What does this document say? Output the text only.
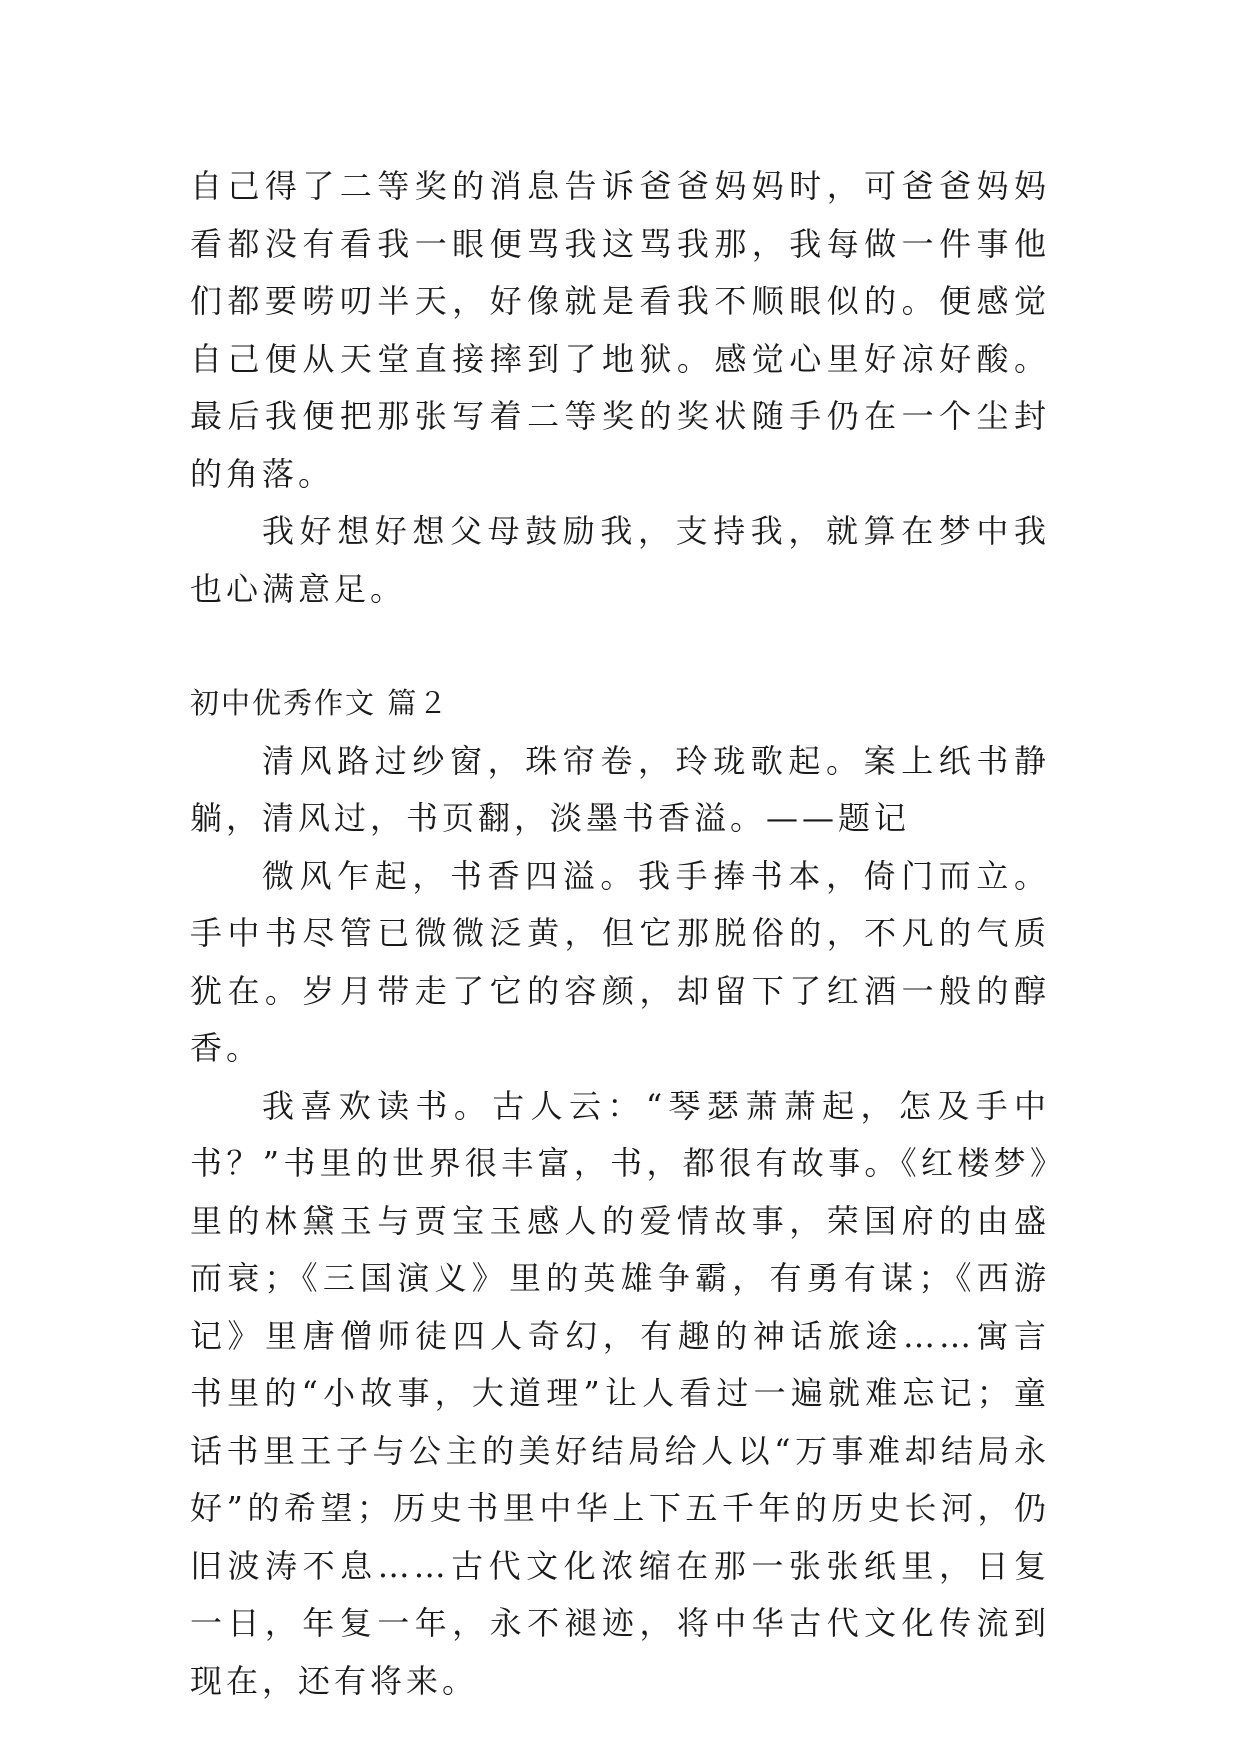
自己得了二等奖的消息告诉爸爸妈妈时，可爸爸妈妈看都没有看我一眼便骂我这骂我那，我每做一件事他们都要唠叨半天，好像就是看我不顺眼似的。便感觉自己便从天堂直接摔到了地狱。感觉心里好凉好酸。最后我便把那张写着二等奖的奖状随手仍在一个尘封的角落。

我好想好想父母鼓励我，支持我，就算在梦中我也心满意足。

初中优秀作文 篇２

清风路过纱窗，珠帘卷，玲珑歌起。案上纸书静躺，清风过，书页翻，淡墨书香溢。——题记

微风乍起，书香四溢。我手捧书本，倚门而立。手中书尽管已微微泛黄，但它那脱俗的，不凡的气质犹在。岁月带走了它的容颜，却留下了红酒一般的醇香。

我喜欢读书。古人云：“琴瑟萧萧起，怎及手中书？”书里的世界很丰富，书，都很有故事。《红楼梦》里的林黛玉与贾宝玉感人的爱情故事，荣国府的由盛而衰；《三国演义》里的英雄争霸，有勇有谋；《西游记》里唐僧师徒四人奇幻，有趣的神话旅途……寓言书里的“小故事，大道理”让人看过一遍就难忘记；童话书里王子与公主的美好结局给人以“万事难却结局永好”的希望；历史书里中华上下五千年的历史长河，仍旧波涛不息……古代文化浓缩在那一张张纸里，日复一日，年复一年，永不褪迹，将中华古代文化传流到现在，还有将来。
